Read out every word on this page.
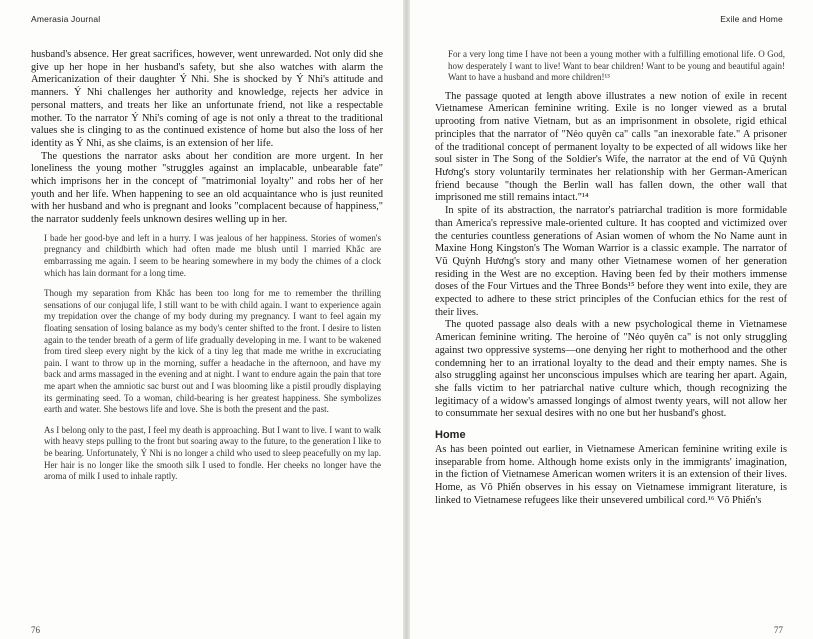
Amerasia Journal

husband's absence. Her great sacrifices, however, went unrewarded. Not only did she give up her hope in her husband's safety, but she also watches with alarm the Americanization of their daughter Ý Nhi. She is shocked by Ý Nhi's attitude and manners. Ý Nhi challenges her authority and knowledge, rejects her advice in personal matters, and treats her like an unfortunate friend, not like a respectable mother. To the narrator Ý Nhi's coming of age is not only a threat to the traditional values she is clinging to as the continued existence of home but also the loss of her identity as Ý Nhi, as she claims, is an extension of her life.

The questions the narrator asks about her condition are more urgent. In her loneliness the young mother "struggles against an implacable, unbearable fate" which imprisons her in the concept of "matrimonial loyalty" and robs her of her youth and her life. When happening to see an old acquaintance who is just reunited with her husband and who is pregnant and looks "complacent because of happiness," the narrator suddenly feels unknown desires welling up in her.

I bade her good-bye and left in a hurry. I was jealous of her happiness. Stories of women's pregnancy and childbirth which had often made me blush until I married Khắc are embarrassing me again. I seem to be hearing somewhere in my body the chimes of a clock which has lain dormant for a long time.

Though my separation from Khắc has been too long for me to remember the thrilling sensations of our conjugal life, I still want to be with child again. I want to experience again my trepidation over the change of my body during my pregnancy. I want to feel again my floating sensation of losing balance as my body's center shifted to the front. I desire to listen again to the tender breath of a germ of life gradually developing in me. I want to be wakened from tired sleep every night by the kick of a tiny leg that made me writhe in excruciating pain. I want to throw up in the morning, suffer a headache in the afternoon, and have my back and arms massaged in the evening and at night. I want to endure again the pain that tore me apart when the amniotic sac burst out and I was blooming like a pistil proudly displaying its germinating seed. To a woman, child-bearing is her greatest happiness. She symbolizes earth and water. She bestows life and love. She is both the present and the past.

As I belong only to the past, I feel my death is approaching. But I want to live. I want to walk with heavy steps pulling to the front but soaring away to the future, to the generation I like to be bearing. Unfortunately, Ý Nhi is no longer a child who used to sleep peacefully on my lap. Her hair is no longer like the smooth silk I used to fondle. Her cheeks no longer have the aroma of milk I used to inhale raptly.

76
Exile and Home

For a very long time I have not been a young mother with a fulfilling emotional life. O God, how desperately I want to live! Want to bear children! Want to be young and beautiful again! Want to have a husband and more children!¹³

The passage quoted at length above illustrates a new notion of exile in recent Vietnamese American feminine writing. Exile is no longer viewed as a brutal uprooting from native Vietnam, but as an imprisonment in obsolete, rigid ethical principles that the narrator of "Nẻo quyên ca" calls "an inexorable fate." A prisoner of the traditional concept of permanent loyalty to be expected of all widows like her soul sister in The Song of the Soldier's Wife, the narrator at the end of Vũ Quỳnh Hương's story voluntarily terminates her relationship with her German-American friend because "though the Berlin wall has fallen down, the other wall that imprisoned me still remains intact."¹⁴

In spite of its abstraction, the narrator's patriarchal tradition is more formidable than America's repressive male-oriented culture. It has coopted and victimized over the centuries countless generations of Asian women of whom the No Name aunt in Maxine Hong Kingston's The Woman Warrior is a classic example. The narrator of Vũ Quỳnh Hương's story and many other Vietnamese women of her generation residing in the West are no exception. Having been fed by their mothers immense doses of the Four Virtues and the Three Bonds¹⁵ before they went into exile, they are expected to adhere to these strict principles of the Confucian ethics for the rest of their lives.

The quoted passage also deals with a new psychological theme in Vietnamese American feminine writing. The heroine of "Nẻo quyên ca" is not only struggling against two oppressive systems—one denying her right to motherhood and the other condemning her to an irrational loyalty to the dead and their empty names. She is also struggling against her unconscious impulses which are tearing her apart. Again, she falls victim to her patriarchal native culture which, though recognizing the legitimacy of a widow's amassed longings of almost twenty years, will not allow her to consummate her sexual desires with no one but her husband's ghost.

Home

As has been pointed out earlier, in Vietnamese American feminine writing exile is inseparable from home. Although home exists only in the immigrants' imagination, in the fiction of Vietnamese American women writers it is an extension of their lives. Home, as Võ Phiến observes in his essay on Vietnamese immigrant literature, is linked to Vietnamese refugees like their unsevered umbilical cord.¹⁶ Võ Phiến's

77
